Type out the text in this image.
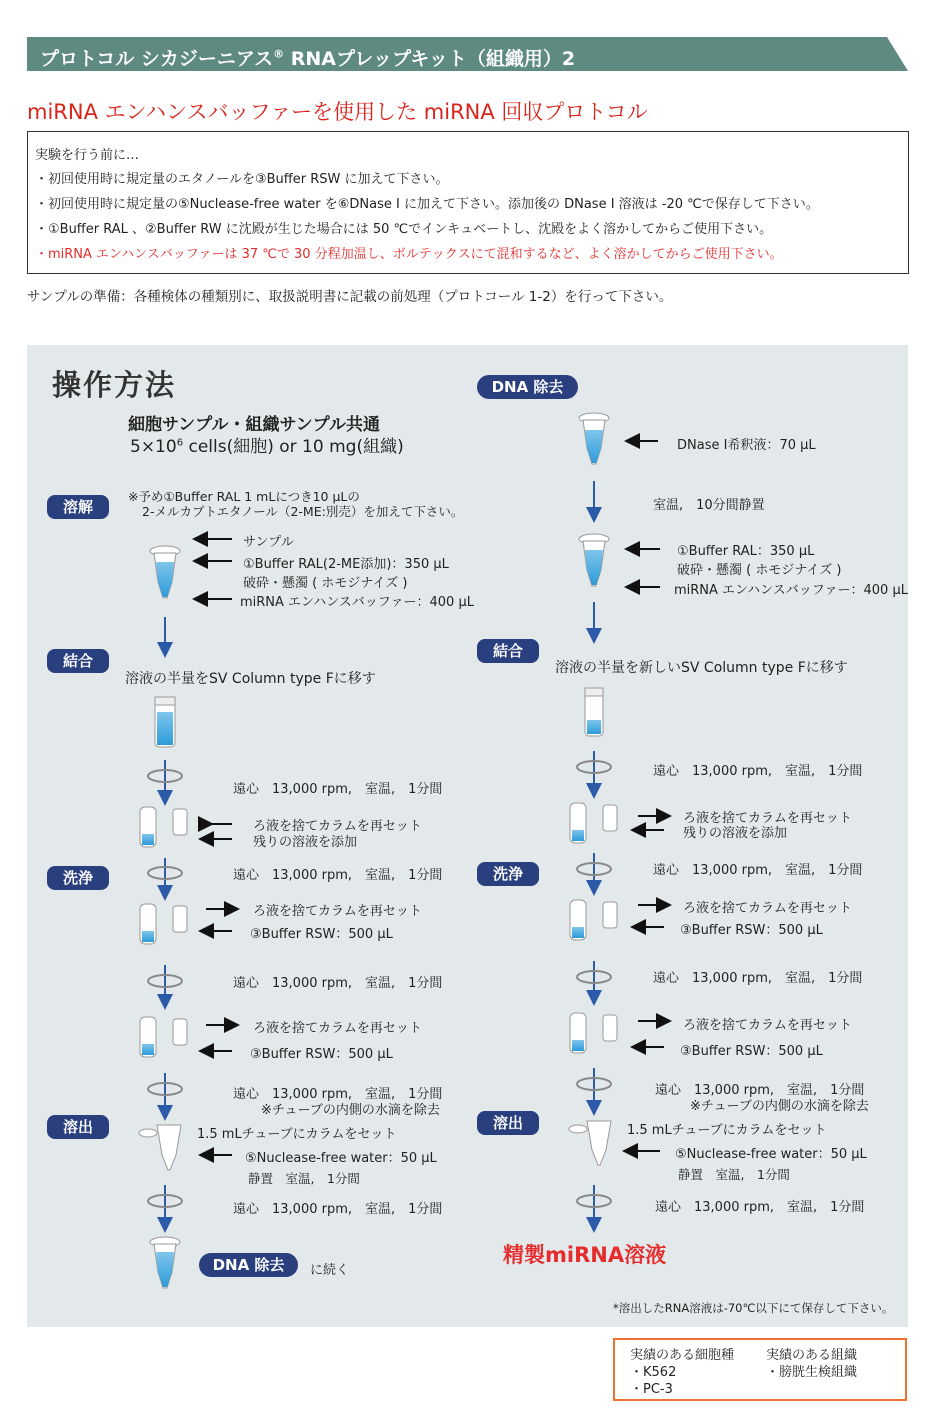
プロトコル シカジーニアス® RNAプレップキット（組織用）2
miRNA エンハンスバッファーを使用した miRNA 回収プロトコル
実験を行う前に…
・初回使用時に規定量のエタノールを③Buffer RSW に加えて下さい。
・初回使用時に規定量の⑤Nuclease-free water を⑥DNase I に加えて下さい。添加後の DNase I 溶液は -20 ℃で保存して下さい。
・①Buffer RAL 、②Buffer RW に沈殿が生じた場合には 50 ℃でインキュベートし、沈殿をよく溶かしてからご使用下さい。
・miRNA エンハンスバッファーは 37 ℃で 30 分程加温し、ボルテックスにて混和するなど、よく溶かしてからご使用下さい。
サンプルの準備：各種検体の種類別に、取扱説明書に記載の前処理（プロトコール 1-2）を行って下さい。
操作方法
細胞サンプル・組織サンプル共通
$5\times 10^6$ cells(細胞) or 10 mg(組織)
溶解
※予め①Buffer RAL 1 mLにつき10 μLの
2-メルカプトエタノール（2-ME:別売）を加えて下さい。
サンプル
①Buffer RAL(2-ME添加)：350 μL
破砕・懸濁 ( ホモジナイズ )
miRNA エンハンスバッファー：400 μL
結合
溶液の半量をSV Column type Fに移す
遠心　13,000 rpm,　室温,　1分間
ろ液を捨てカラムを再セット
残りの溶液を添加
洗浄	遠心　13,000 rpm,　室温,　1分間
ろ液を捨てカラムを再セット
③Buffer RSW：500 μL
遠心　13,000 rpm,　室温,　1分間
ろ液を捨てカラムを再セット
③Buffer RSW：500 μL
遠心　13,000 rpm,　室温,　1分間
※チューブの内側の水滴を除去
溶出	1.5 mLチューブにカラムをセット
⑤Nuclease-free water：50 μL
静置　室温,　1分間
遠心　13,000 rpm,　室温,　1分間
DNA 除去	に続く
DNA 除去
DNase I希釈液：70 μL
室温,　10分間静置
①Buffer RAL：350 μL
破砕・懸濁 ( ホモジナイズ )
miRNA エンハンスバッファー：400 μL
結合
溶液の半量を新しいSV Column type Fに移す
遠心　13,000 rpm,　室温,　1分間
ろ液を捨てカラムを再セット
残りの溶液を添加
洗浄	遠心　13,000 rpm,　室温,　1分間
ろ液を捨てカラムを再セット
③Buffer RSW：500 μL
遠心　13,000 rpm,　室温,　1分間
ろ液を捨てカラムを再セット
③Buffer RSW：500 μL
遠心　13,000 rpm,　室温,　1分間
※チューブの内側の水滴を除去
溶出	1.5 mLチューブにカラムをセット
⑤Nuclease-free water：50 μL
静置　室温,　1分間
遠心　13,000 rpm,　室温,　1分間
精製miRNA溶液
*溶出したRNA溶液は-70℃以下にて保存して下さい。
実績のある細胞種
・K562
・PC-3
実績のある組織
・膀胱生検組織
